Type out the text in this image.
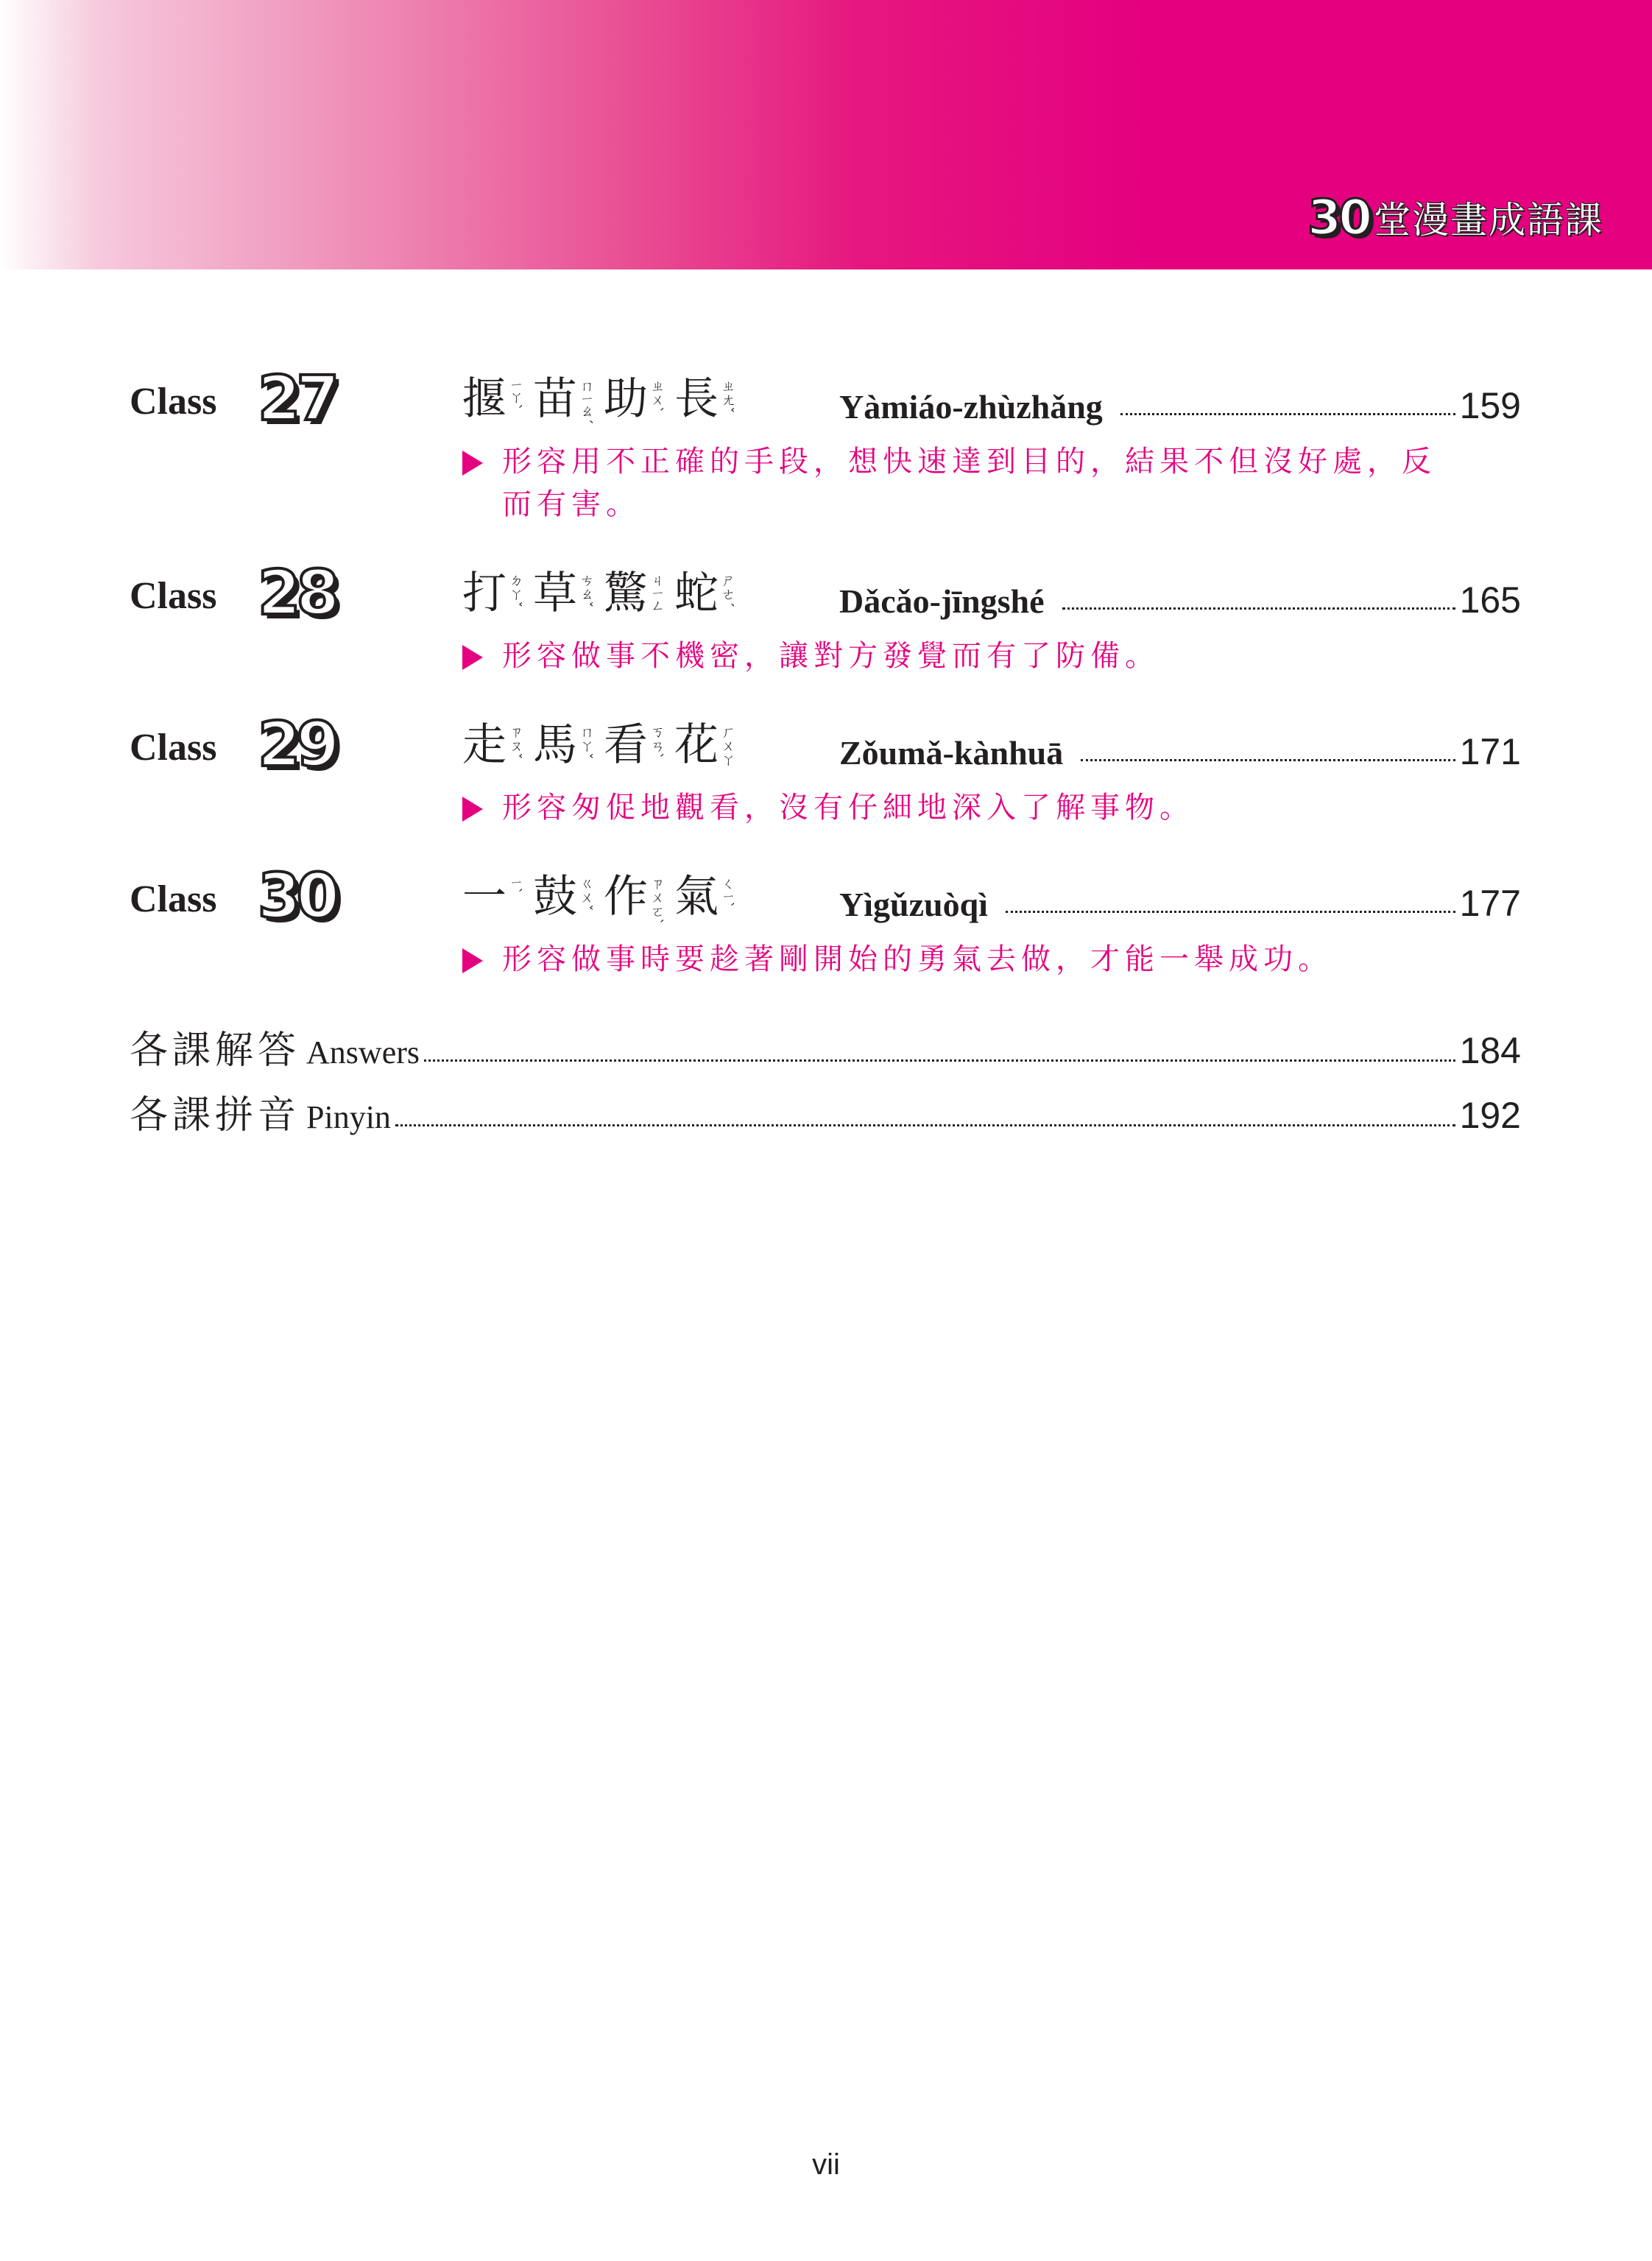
30 堂漫畫成語課
Class 27	揠 ㄧㄚˋ 苗 ㄇㄧㄠˊ 助 ㄓㄨˋ 長 ㄓㄤˇ	Yàmiáo-zhùzhǎng	159
形容用不正確的手段，想快速達到目的，結果不但沒好處，反
而有害。
Class 28	打 ㄉㄚˇ 草 ㄘㄠˇ 驚 ㄐㄧㄥ 蛇 ㄕㄜˊ	Dǎcǎo-jīngshé	165
形容做事不機密，讓對方發覺而有了防備。
Class 29	走 ㄗㄡˇ 馬 ㄇㄚˇ 看 ㄎㄢˋ 花 ㄏㄨㄚ	Zǒumǎ-kànhuā	171
形容匆促地觀看，沒有仔細地深入了解事物。
Class 30	一 ㄧˋ 鼓 ㄍㄨˇ 作 ㄗㄨㄛˋ 氣 ㄑㄧˋ	Yìgǔzuòqì	177
形容做事時要趁著剛開始的勇氣去做，才能一舉成功。
各課解答 Answers	184
各課拼音 Pinyin	192
vii
